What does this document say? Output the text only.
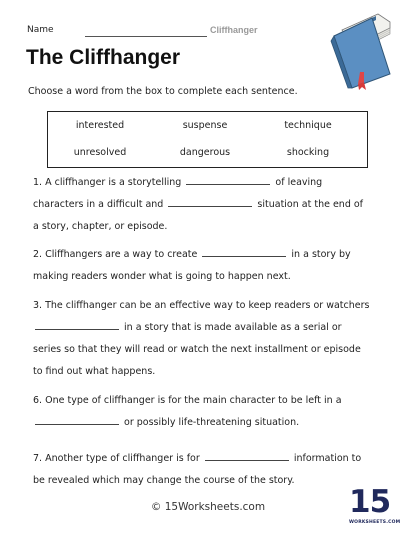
Name	Cliffhanger
The Cliffhanger

Choose a word from the box to complete each sentence.

interested	suspense	technique
unresolved	dangerous	shocking

1. A cliffhanger is a storytelling	of leaving characters in a difficult and	situation at the end of a story, chapter, or episode.

2. Cliffhangers are a way to create	in a story by making readers wonder what is going to happen next.

3. The cliffhanger can be an effective way to keep readers or watchers  in a story that is made available as a serial or series so that they will read or watch the next installment or episode to find out what happens.

6. One type of cliffhanger is for the main character to be left in a  or possibly life-threatening situation.

7. Another type of cliffhanger is for	information to be revealed which may change the course of the story.

© 15Worksheets.com	15
WORKSHEETS.COM
